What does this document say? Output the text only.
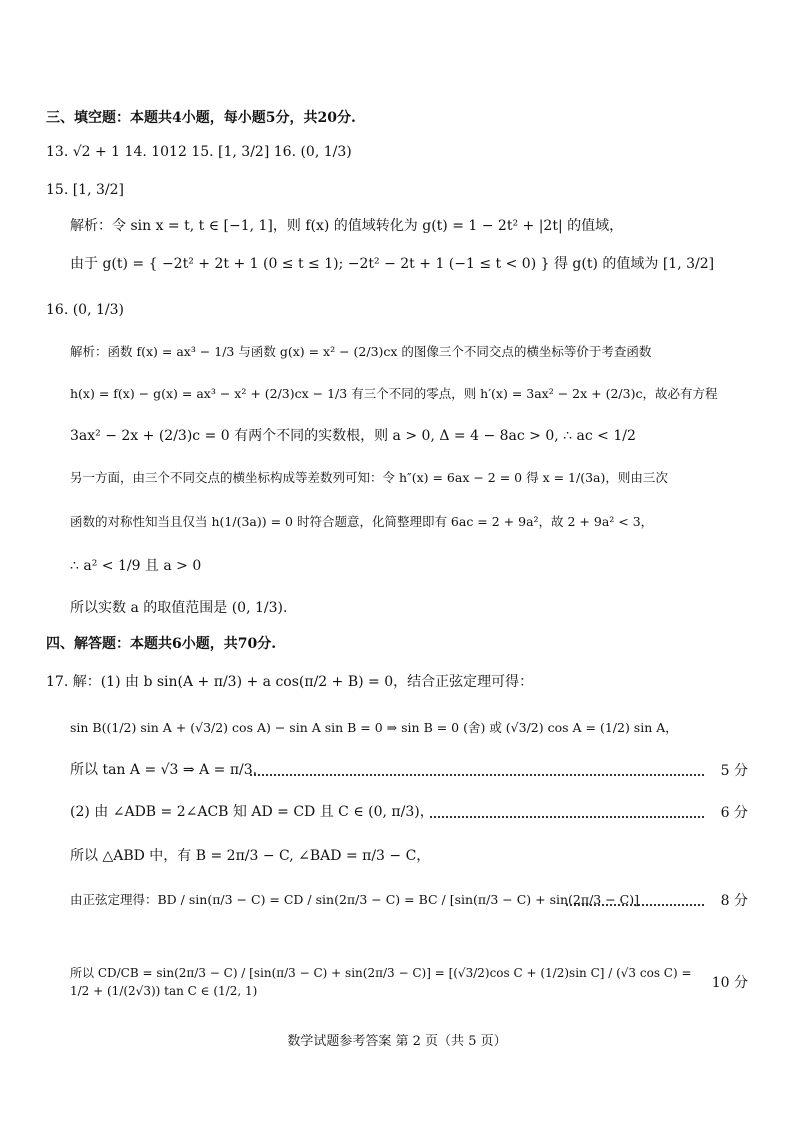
三、填空题：本题共4小题，每小题5分，共20分.
13. √2 + 1 14. 1012 15. [1, 3/2] 16. (0, 1/3)
15. [1, 3/2]
解析：令 sin x = t, t ∈ [−1, 1]，则 f(x) 的值域转化为 g(t) = 1 − 2t² + |2t| 的值域，
由于 g(t) = { −2t² + 2t + 1 (0 ≤ t ≤ 1); −2t² − 2t + 1 (−1 ≤ t < 0) } 得 g(t) 的值域为 [1, 3/2]
16. (0, 1/3)
解析：函数 f(x) = ax³ − 1/3 与函数 g(x) = x² − (2/3)cx 的图像三个不同交点的横坐标等价于考查函数
h(x) = f(x) − g(x) = ax³ − x² + (2/3)cx − 1/3 有三个不同的零点，则 h′(x) = 3ax² − 2x + (2/3)c，故必有方程
3ax² − 2x + (2/3)c = 0 有两个不同的实数根，则 a > 0, Δ = 4 − 8ac > 0, ∴ ac < 1/2
另一方面，由三个不同交点的横坐标构成等差数列可知：令 h″(x) = 6ax − 2 = 0 得 x = 1/(3a)，则由三次
函数的对称性知当且仅当 h(1/(3a)) = 0 时符合题意，化简整理即有 6ac = 2 + 9a²，故 2 + 9a² < 3，
∴ a² < 1/9 且 a > 0
所以实数 a 的取值范围是 (0, 1/3).
四、解答题：本题共6小题，共70分.
17. 解：(1) 由 b sin(A + π/3) + a cos(π/2 + B) = 0，结合正弦定理可得：
sin B((1/2) sin A + (√3/2) cos A) − sin A sin B = 0 ⇒ sin B = 0 (舍) 或 (√3/2) cos A = (1/2) sin A，
所以 tan A = √3 ⇒ A = π/3.	5 分
(2) 由 ∠ADB = 2∠ACB 知 AD = CD 且 C ∈ (0, π/3)，	6 分
所以 △ABD 中，有 B = 2π/3 − C, ∠BAD = π/3 − C，
由正弦定理得：BD / sin(π/3 − C) = CD / sin(2π/3 − C) = BC / [sin(π/3 − C) + sin(2π/3 − C)]	8 分
所以 CD/CB = sin(2π/3 − C) / [sin(π/3 − C) + sin(2π/3 − C)] = [(√3/2)cos C + (1/2)sin C] / (√3 cos C) = 1/2 + (1/(2√3)) tan C ∈ (1/2, 1)	10 分
数学试题参考答案 第 2 页（共 5 页）
